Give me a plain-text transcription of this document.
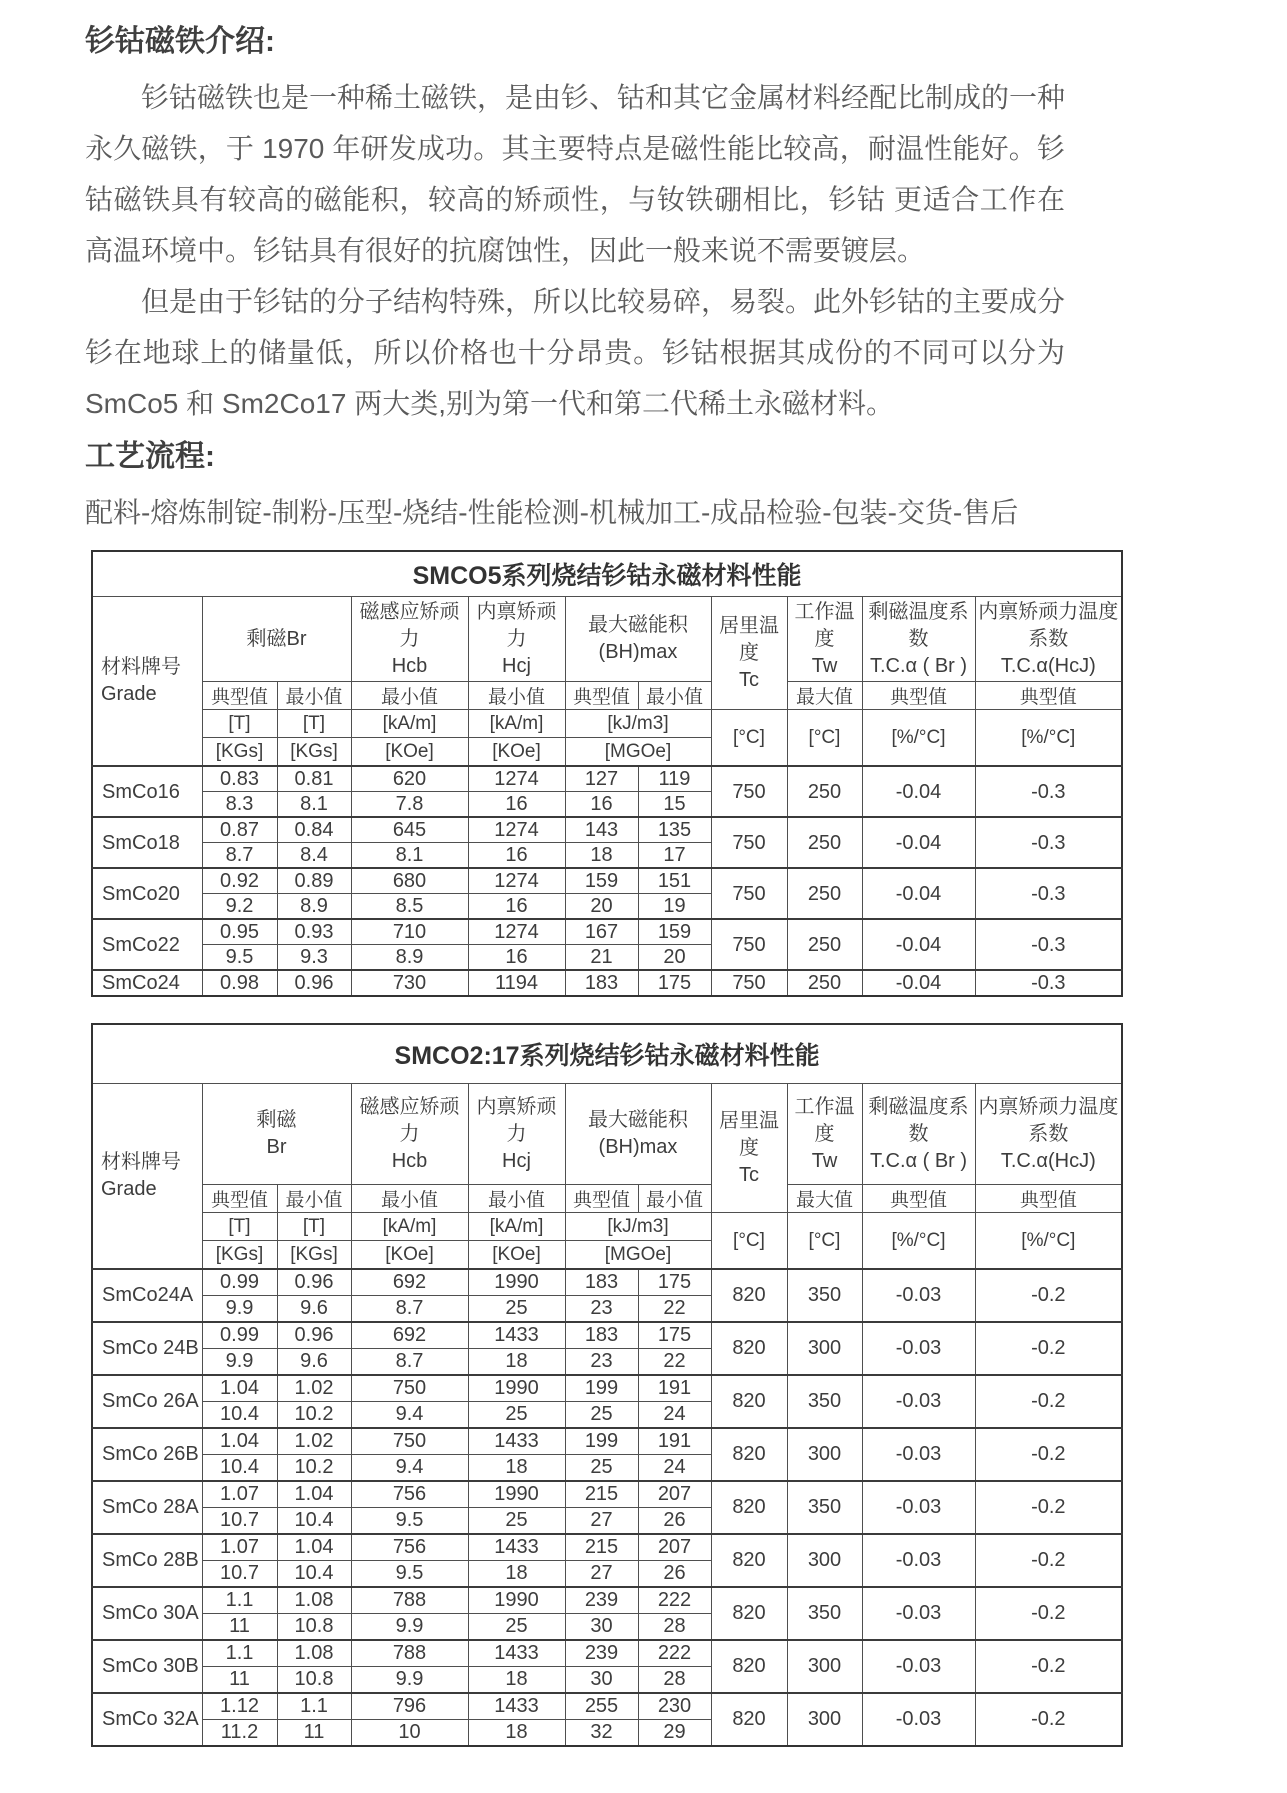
钐钴磁铁介绍:

钐钴磁铁也是一种稀土磁铁，是由钐、钴和其它金属材料经配比制成的一种永久磁铁，于 1970 年研发成功。其主要特点是磁性能比较高，耐温性能好。钐钴磁铁具有较高的磁能积，较高的矫顽性，与钕铁硼相比，钐钴 更适合工作在高温环境中。钐钴具有很好的抗腐蚀性，因此一般来说不需要镀层。

但是由于钐钴的分子结构特殊，所以比较易碎，易裂。此外钐钴的主要成分钐在地球上的储量低，所以价格也十分昂贵。钐钴根据其成份的不同可以分为 SmCo5 和 Sm2Co17 两大类,别为第一代和第二代稀土永磁材料。

工艺流程:

配料-熔炼制锭-制粉-压型-烧结-性能检测-机械加工-成品检验-包装-交货-售后

SMCO5系列烧结钐钴永磁材料性能										

材料牌号
Grade

剩磁Br

磁感应矫顽力
Hcb

内禀矫顽力
Hcj

最大磁能积
(BH)max

居里温度
Tc

工作温度
Tw

剩磁温度系数
T.C.α ( Br )

内禀矫顽力温度系数
T.C.α(HcJ)

	典型值	最小值	最小值	最小值	典型值	最小值		最大值	典型值	典型值
	[T]	[T]	[kA/m]	[kA/m]	[kJ/m3]		[°C]	[°C]	[%/°C]	[%/°C]
	[KGs]	[KGs]	[KOe]	[KOe]	[MGOe]					
SmCo16	0.83	0.81	620	1274	127	119	750	250	-0.04	-0.3
	8.3	8.1	7.8	16	16	15				
SmCo18	0.87	0.84	645	1274	143	135	750	250	-0.04	-0.3
	8.7	8.4	8.1	16	18	17				
SmCo20	0.92	0.89	680	1274	159	151	750	250	-0.04	-0.3
	9.2	8.9	8.5	16	20	19				
SmCo22	0.95	0.93	710	1274	167	159	750	250	-0.04	-0.3
	9.5	9.3	8.9	16	21	20				
SmCo24	0.98	0.96	730	1194	183	175	750	250	-0.04	-0.3
SMCO2:17系列烧结钐钴永磁材料性能										

材料牌号
Grade

剩磁
Br

磁感应矫顽力
Hcb

内禀矫顽力
Hcj

最大磁能积
(BH)max

居里温度
Tc

工作温度
Tw

剩磁温度系数
T.C.α ( Br )

内禀矫顽力温度系数
T.C.α(HcJ)

	典型值	最小值	最小值	最小值	典型值	最小值		最大值	典型值	典型值
	[T]	[T]	[kA/m]	[kA/m]	[kJ/m3]		[°C]	[°C]	[%/°C]	[%/°C]
	[KGs]	[KGs]	[KOe]	[KOe]	[MGOe]					
SmCo24A	0.99	0.96	692	1990	183	175	820	350	-0.03	-0.2
	9.9	9.6	8.7	25	23	22				
SmCo 24B	0.99	0.96	692	1433	183	175	820	300	-0.03	-0.2
	9.9	9.6	8.7	18	23	22				
SmCo 26A	1.04	1.02	750	1990	199	191	820	350	-0.03	-0.2
	10.4	10.2	9.4	25	25	24				
SmCo 26B	1.04	1.02	750	1433	199	191	820	300	-0.03	-0.2
	10.4	10.2	9.4	18	25	24				
SmCo 28A	1.07	1.04	756	1990	215	207	820	350	-0.03	-0.2
	10.7	10.4	9.5	25	27	26				
SmCo 28B	1.07	1.04	756	1433	215	207	820	300	-0.03	-0.2
	10.7	10.4	9.5	18	27	26				
SmCo 30A	1.1	1.08	788	1990	239	222	820	350	-0.03	-0.2
	11	10.8	9.9	25	30	28				
SmCo 30B	1.1	1.08	788	1433	239	222	820	300	-0.03	-0.2
	11	10.8	9.9	18	30	28				
SmCo 32A	1.12	1.1	796	1433	255	230	820	300	-0.03	-0.2
	11.2	11	10	18	32	29				
